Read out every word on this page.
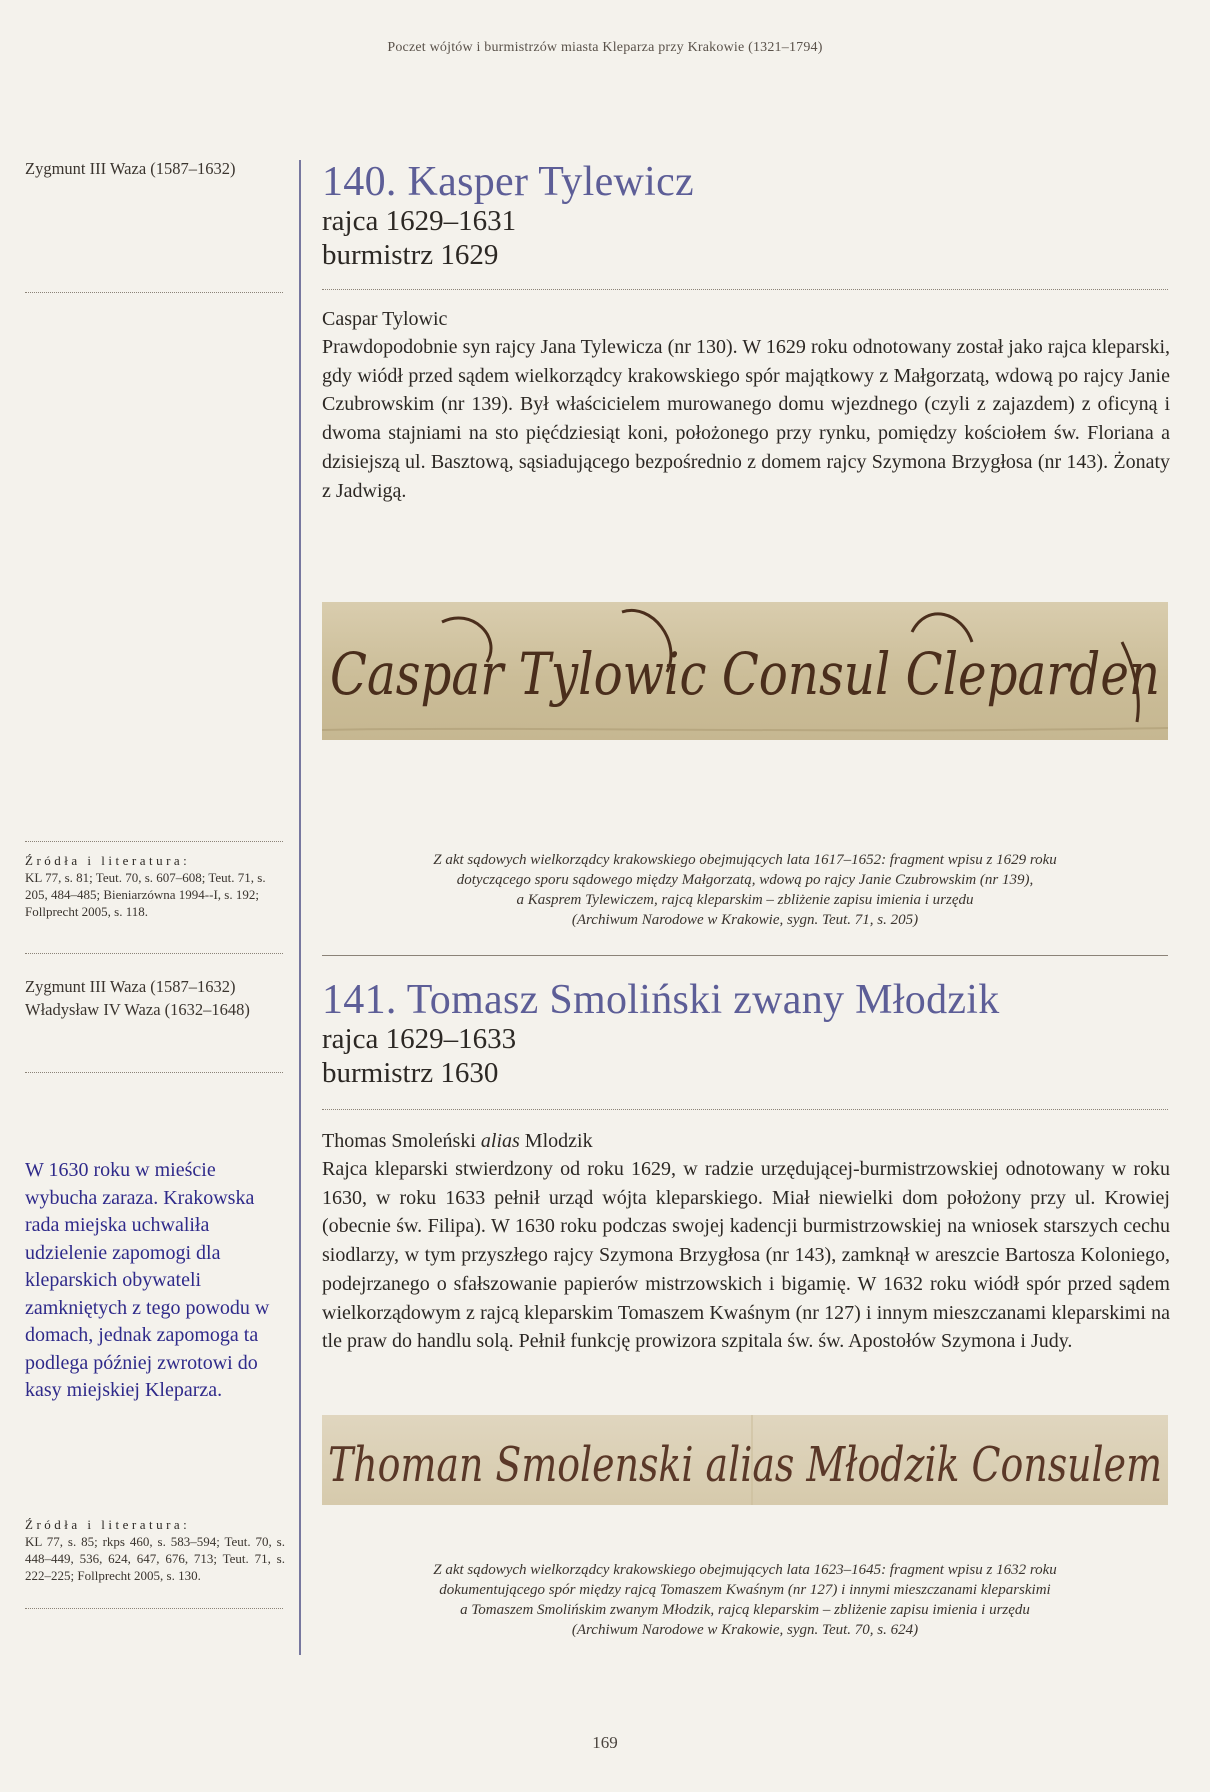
Poczet wójtów i burmistrzów miasta Kleparza przy Krakowie (1321–1794)
Zygmunt III Waza (1587–1632)
Źródła i literatura:
KL 77, s. 81; Teut. 70, s. 607–608; Teut. 71, s. 205, 484–485; Bieniarzówna 1994--I, s. 192; Follprecht 2005, s. 118.
Zygmunt III Waza (1587–1632)
Władysław IV Waza (1632–1648)
W 1630 roku w mieście wybucha zaraza. Krakowska rada miejska uchwaliła udzielenie zapomogi dla kleparskich obywateli zamkniętych z tego powodu w domach, jednak zapomoga ta podlega później zwrotowi do kasy miejskiej Kleparza.
Źródła i literatura:
KL 77, s. 85; rkps 460, s. 583–594; Teut. 70, s. 448–449, 536, 624, 647, 676, 713; Teut. 71, s. 222–225; Follprecht 2005, s. 130.
140. Kasper Tylewicz
rajca 1629–1631
burmistrz 1629
Caspar Tylowic
Prawdopodobnie syn rajcy Jana Tylewicza (nr 130). W 1629 roku odnotowany został jako rajca kleparski, gdy wiódł przed sądem wielkorządcy krakowskiego spór majątkowy z Małgorzatą, wdową po rajcy Janie Czubrowskim (nr 139). Był właścicielem murowanego domu wjezdnego (czyli z zajazdem) z oficyną i dwoma stajniami na sto pięćdziesiąt koni, położonego przy rynku, pomiędzy kościołem św. Floriana a dzisiejszą ul. Basztową, sąsiadującego bezpośrednio z domem rajcy Szymona Brzygłosa (nr 143). Żonaty z Jadwigą.
Caspar Tylowic Consul Cleparden
Z akt sądowych wielkorządcy krakowskiego obejmujących lata 1617–1652: fragment wpisu z 1629 roku
dotyczącego sporu sądowego między Małgorzatą, wdową po rajcy Janie Czubrowskim (nr 139),
a Kasprem Tylewiczem, rajcą kleparskim – zbliżenie zapisu imienia i urzędu
(Archiwum Narodowe w Krakowie, sygn. Teut. 71, s. 205)
141. Tomasz Smoliński zwany Młodzik
rajca 1629–1633
burmistrz 1630
Thomas Smoleński alias Mlodzik
Rajca kleparski stwierdzony od roku 1629, w radzie urzędującej-burmistrzowskiej odnotowany w roku 1630, w roku 1633 pełnił urząd wójta kleparskiego. Miał niewielki dom położony przy ul. Krowiej (obecnie św. Filipa). W 1630 roku podczas swojej kadencji burmistrzowskiej na wniosek starszych cechu siodlarzy, w tym przyszłego rajcy Szymona Brzygłosa (nr 143), zamknął w areszcie Bartosza Koloniego, podejrzanego o sfałszowanie papierów mistrzowskich i bigamię. W 1632 roku wiódł spór przed sądem wielkorządowym z rajcą kleparskim Tomaszem Kwaśnym (nr 127) i innym mieszczanami kleparskimi na tle praw do handlu solą. Pełnił funkcję prowizora szpitala św. św. Apostołów Szymona i Judy.
Thoman Smolenski alias Młodzik Consulem
Z akt sądowych wielkorządcy krakowskiego obejmujących lata 1623–1645: fragment wpisu z 1632 roku
dokumentującego spór między rajcą Tomaszem Kwaśnym (nr 127) i innymi mieszczanami kleparskimi
a Tomaszem Smolińskim zwanym Młodzik, rajcą kleparskim – zbliżenie zapisu imienia i urzędu
(Archiwum Narodowe w Krakowie, sygn. Teut. 70, s. 624)
169
